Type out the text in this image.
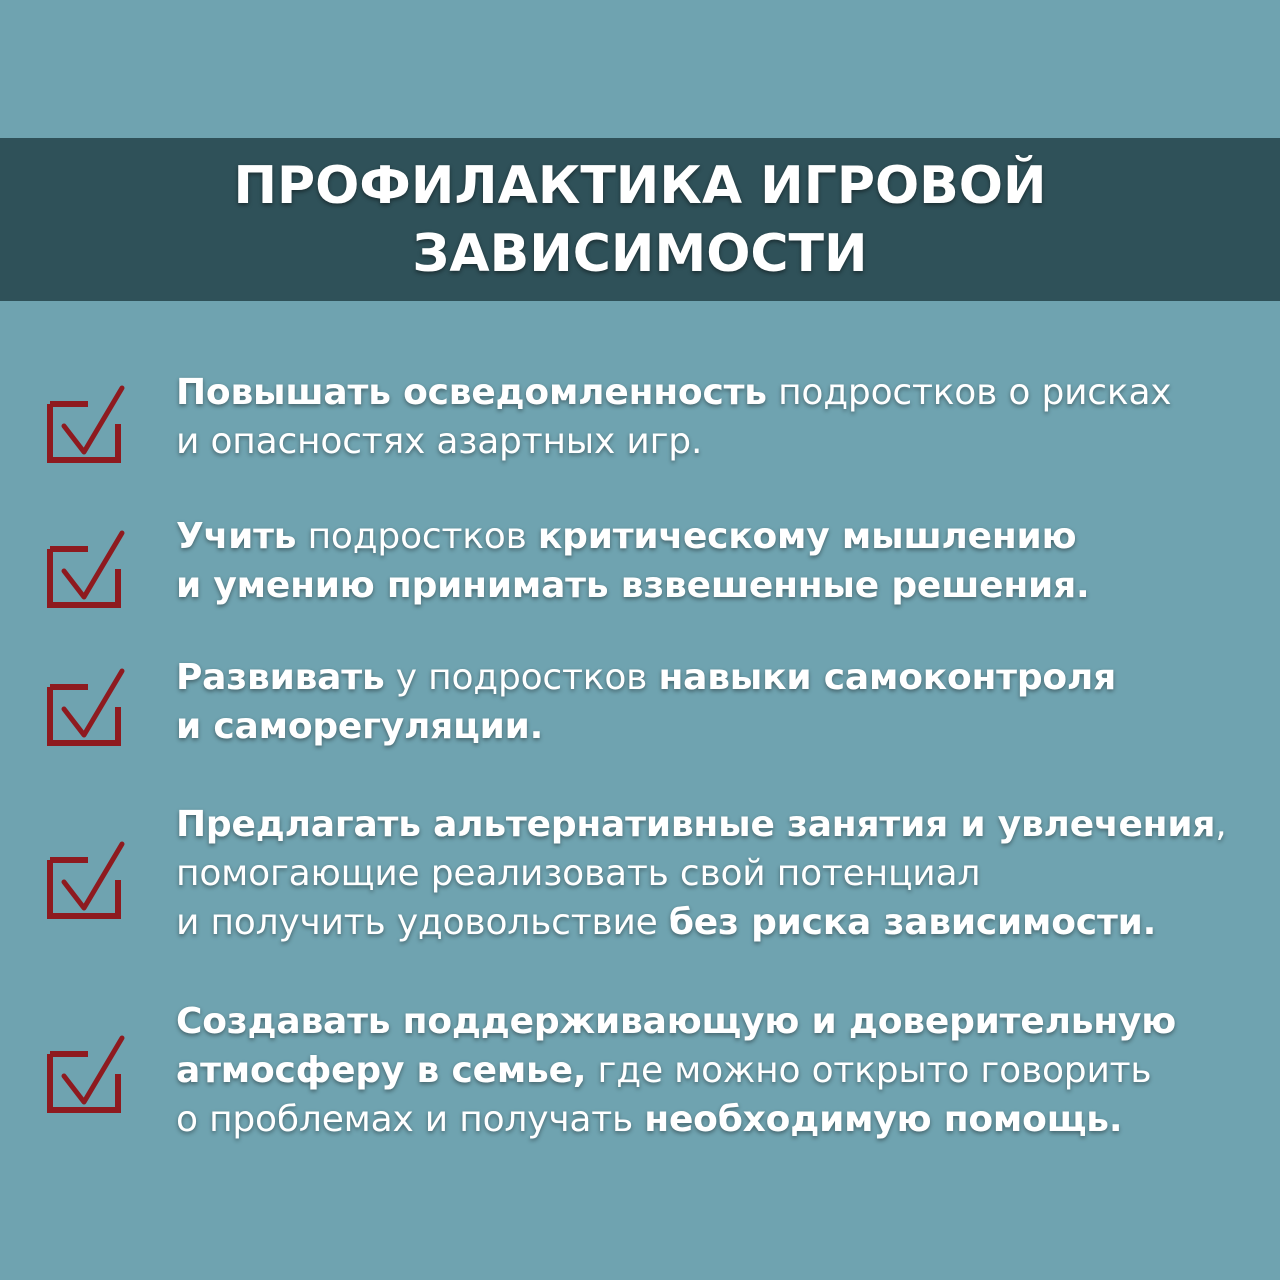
ПРОФИЛАКТИКА ИГРОВОЙ
ЗАВИСИМОСТИ
Повышать осведомленность подростков о рисках
и опасностях азартных игр.
Учить подростков критическому мышлению
и умению принимать взвешенные решения.
Развивать у подростков навыки самоконтроля
и саморегуляции.
Предлагать альтернативные занятия и увлечения,
помогающие реализовать свой потенциал
и получить удовольствие без риска зависимости.
Создавать поддерживающую и доверительную
атмосферу в семье, где можно открыто говорить
о проблемах и получать необходимую помощь.
